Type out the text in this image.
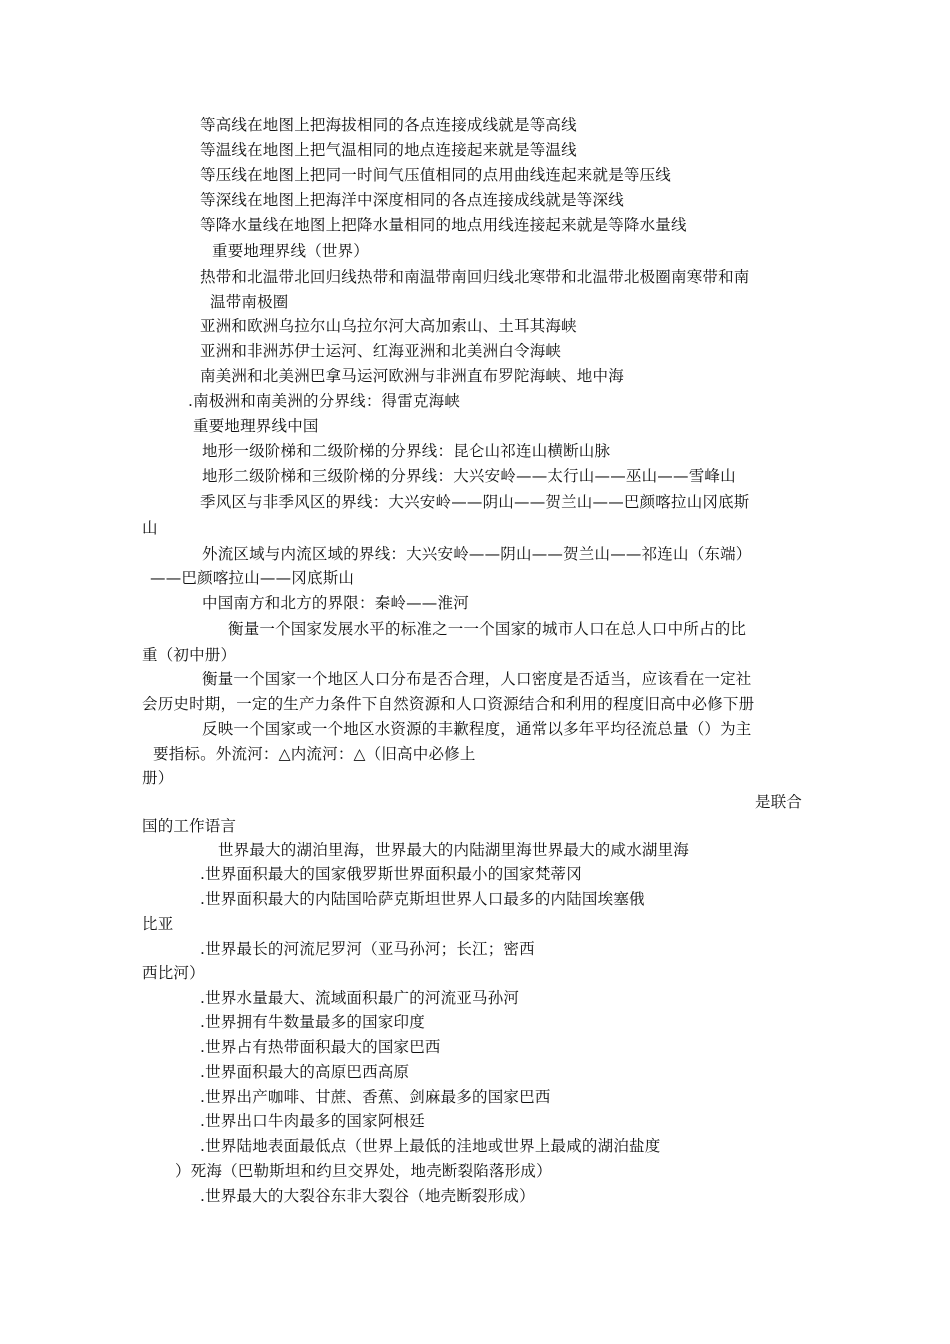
等高线在地图上把海拔相同的各点连接成线就是等高线
等温线在地图上把气温相同的地点连接起来就是等温线
等压线在地图上把同一时间气压值相同的点用曲线连起来就是等压线
等深线在地图上把海洋中深度相同的各点连接成线就是等深线
等降水量线在地图上把降水量相同的地点用线连接起来就是等降水量线
重要地理界线（世界）
热带和北温带北回归线热带和南温带南回归线北寒带和北温带北极圈南寒带和南
温带南极圈
亚洲和欧洲乌拉尔山乌拉尔河大高加索山、土耳其海峡
亚洲和非洲苏伊士运河、红海亚洲和北美洲白令海峡
南美洲和北美洲巴拿马运河欧洲与非洲直布罗陀海峡、地中海
.南极洲和南美洲的分界线：得雷克海峡
重要地理界线中国
地形一级阶梯和二级阶梯的分界线：昆仑山祁连山横断山脉
地形二级阶梯和三级阶梯的分界线：大兴安岭——太行山——巫山——雪峰山
季风区与非季风区的界线：大兴安岭——阴山——贺兰山——巴颜喀拉山冈底斯
山
外流区域与内流区域的界线：大兴安岭——阴山——贺兰山——祁连山（东端）
——巴颜喀拉山——冈底斯山
中国南方和北方的界限：秦岭——淮河
衡量一个国家发展水平的标准之一一个国家的城市人口在总人口中所占的比
重（初中册）
衡量一个国家一个地区人口分布是否合理，人口密度是否适当，应该看在一定社
会历史时期，一定的生产力条件下自然资源和人口资源结合和利用的程度旧高中必修下册
反映一个国家或一个地区水资源的丰歉程度，通常以多年平均径流总量（）为主
要指标。外流河：△内流河：△（旧高中必修上
册）
是联合
国的工作语言
世界最大的湖泊里海，世界最大的内陆湖里海世界最大的咸水湖里海
.世界面积最大的国家俄罗斯世界面积最小的国家梵蒂冈
.世界面积最大的内陆国哈萨克斯坦世界人口最多的内陆国埃塞俄
比亚
.世界最长的河流尼罗河（亚马孙河；长江；密西
西比河）
.世界水量最大、流域面积最广的河流亚马孙河
.世界拥有牛数量最多的国家印度
.世界占有热带面积最大的国家巴西
.世界面积最大的高原巴西高原
.世界出产咖啡、甘蔗、香蕉、剑麻最多的国家巴西
.世界出口牛肉最多的国家阿根廷
.世界陆地表面最低点（世界上最低的洼地或世界上最咸的湖泊盐度
）死海（巴勒斯坦和约旦交界处，地壳断裂陷落形成）
.世界最大的大裂谷东非大裂谷（地壳断裂形成）
